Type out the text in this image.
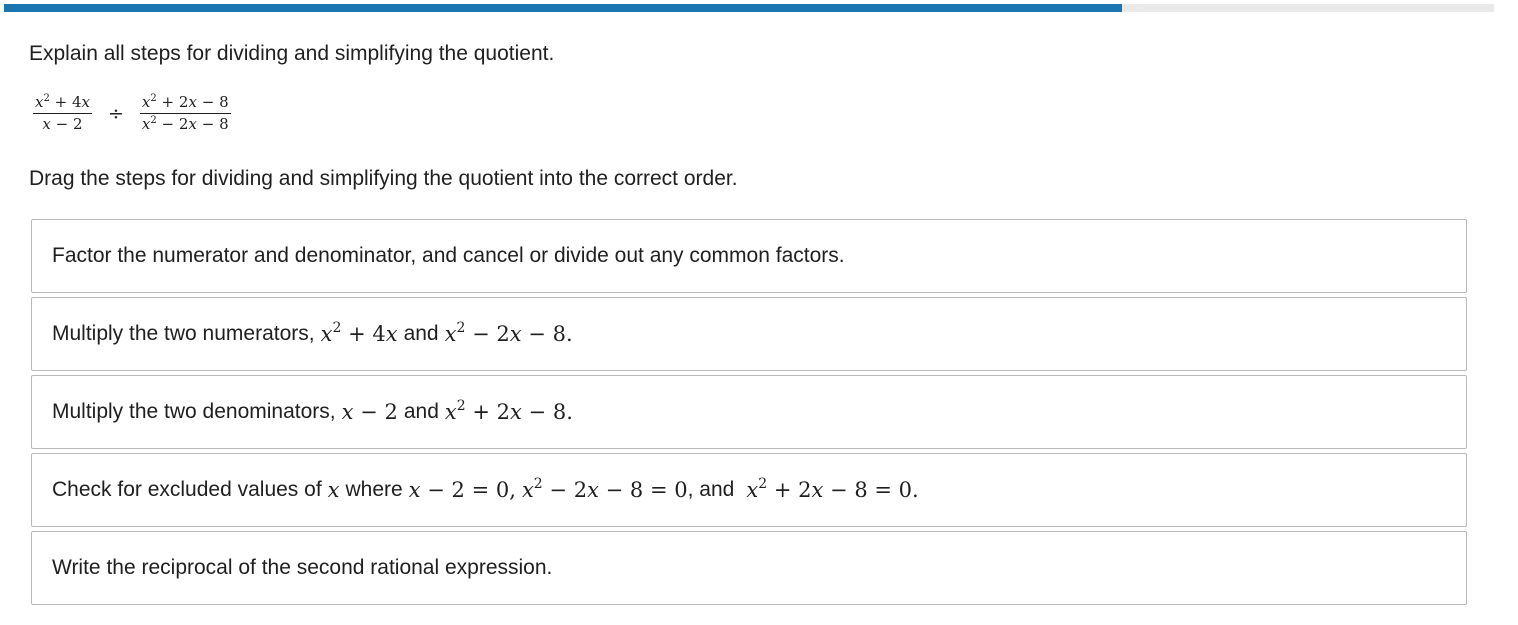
Explain all steps for dividing and simplifying the quotient.
$\frac{x^2 + 4x}{x - 2} \div \frac{x^2 + 2x - 8}{x^2 - 2x - 8}$
Drag the steps for dividing and simplifying the quotient into the correct order.
Factor the numerator and denominator, and cancel or divide out any common factors.
Multiply the two numerators, $x^2 + 4x$ and $x^2 - 2x - 8$ .
Multiply the two denominators, x − 2 and $x^2 + 2x - 8$ .
Check for excluded values of x where x − 2 = 0 , $x^2 - 2x - 8 = 0$ , and $x^2 + 2x - 8 = 0$ .
Write the reciprocal of the second rational expression.
